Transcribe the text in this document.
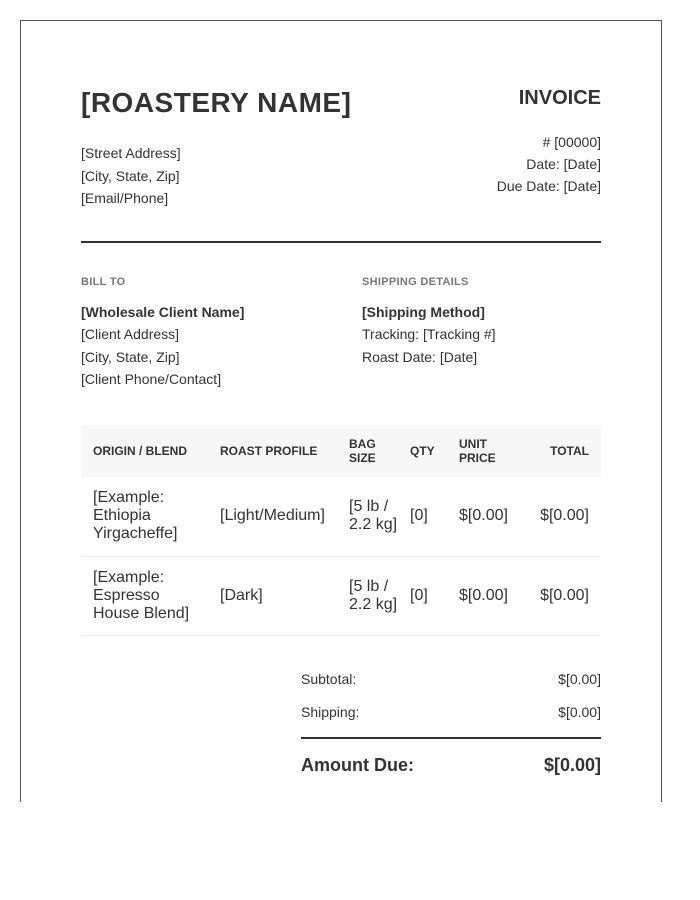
[ROASTERY NAME]
[Street Address]
[City, State, Zip]
[Email/Phone]
INVOICE
# [00000]
Date: [Date]
Due Date: [Date]
BILL TO
[Wholesale Client Name]
[Client Address]
[City, State, Zip]
[Client Phone/Contact]
SHIPPING DETAILS
[Shipping Method]
Tracking: [Tracking #]
Roast Date: [Date]
ORIGIN / BLEND	ROAST PROFILE	BAG SIZE	QTY	UNIT PRICE	TOTAL
[Example: Ethiopia Yirgacheffe]	[Light/Medium]	[5 lb / 2.2 kg]	[0]	$[0.00]	$[0.00]
[Example: Espresso House Blend]	[Dark]	[5 lb / 2.2 kg]	[0]	$[0.00]	$[0.00]
Subtotal:	$[0.00]
Shipping:	$[0.00]
Amount Due:	$[0.00]
